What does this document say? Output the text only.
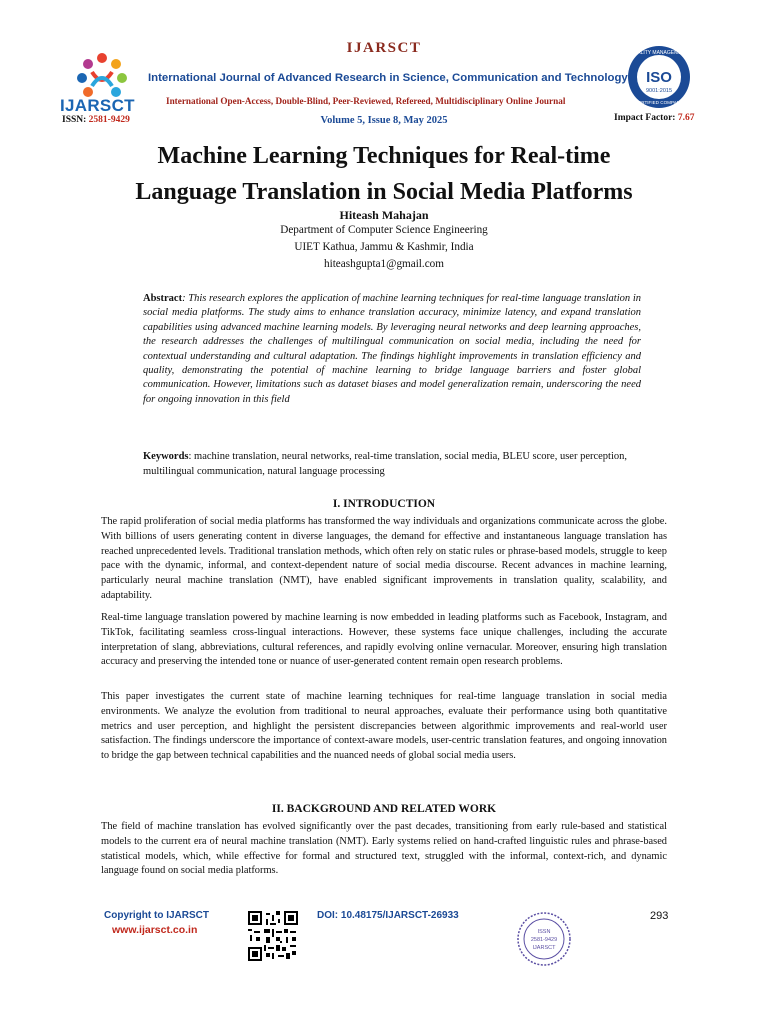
IJARSCT
IJARSCT
International Journal of Advanced Research in Science, Communication and Technology
International Open-Access, Double-Blind, Peer-Reviewed, Refereed, Multidisciplinary Online Journal
ISSN: 2581-9429	Volume 5, Issue 8, May 2025	Impact Factor: 7.67
ISO
9001:2015
QUALITY MANAGEMENT
CERTIFIED COMPANY
Machine Learning Techniques for Real-time
Language Translation in Social Media Platforms
Hiteash Mahajan
Department of Computer Science Engineering
UIET Kathua, Jammu & Kashmir, India
hiteashgupta1@gmail.com
Abstract: This research explores the application of machine learning techniques for real-time language translation in social media platforms. The study aims to enhance translation accuracy, minimize latency, and expand translation capabilities using advanced machine learning models. By leveraging neural networks and deep learning approaches, the research addresses the challenges of multilingual communication on social media, including the need for contextual understanding and cultural adaptation. The findings highlight improvements in translation efficiency and quality, demonstrating the potential of machine learning to bridge language barriers and foster global communication. However, limitations such as dataset biases and model generalization remain, underscoring the need for ongoing innovation in this field
Keywords: machine translation, neural networks, real-time translation, social media, BLEU score, user perception, multilingual communication, natural language processing
I. INTRODUCTION
The rapid proliferation of social media platforms has transformed the way individuals and organizations communicate across the globe. With billions of users generating content in diverse languages, the demand for effective and instantaneous language translation has reached unprecedented levels. Traditional translation methods, which often rely on static rules or phrase-based models, struggle to keep pace with the dynamic, informal, and context-dependent nature of social media discourse. Recent advances in machine learning, particularly neural machine translation (NMT), have enabled significant improvements in translation quality, scalability, and adaptability.
Real-time language translation powered by machine learning is now embedded in leading platforms such as Facebook, Instagram, and TikTok, facilitating seamless cross-lingual interactions. However, these systems face unique challenges, including the accurate interpretation of slang, abbreviations, cultural references, and rapidly evolving online vernacular. Moreover, ensuring high translation accuracy and preserving the intended tone or nuance of user-generated content remain open research problems.
This paper investigates the current state of machine learning techniques for real-time language translation in social media environments. We analyze the evolution from traditional to neural approaches, evaluate their performance using both quantitative metrics and user perception, and highlight the persistent discrepancies between algorithmic improvements and real-world user satisfaction. The findings underscore the importance of context-aware models, user-centric translation features, and ongoing innovation to bridge the gap between technical capabilities and the nuanced needs of global social media users.
II. BACKGROUND AND RELATED WORK
The field of machine translation has evolved significantly over the past decades, transitioning from early rule-based and statistical models to the current era of neural machine translation (NMT). Early systems relied on hand-crafted linguistic rules and phrase-based statistical models, which, while effective for formal and structured text, struggled with the informal, context-rich, and dynamic language found on social media platforms.
Copyright to IJARSCT
www.ijarsct.co.in
DOI: 10.48175/IJARSCT-26933
ISSN
2581-9429
IJARSCT
293
